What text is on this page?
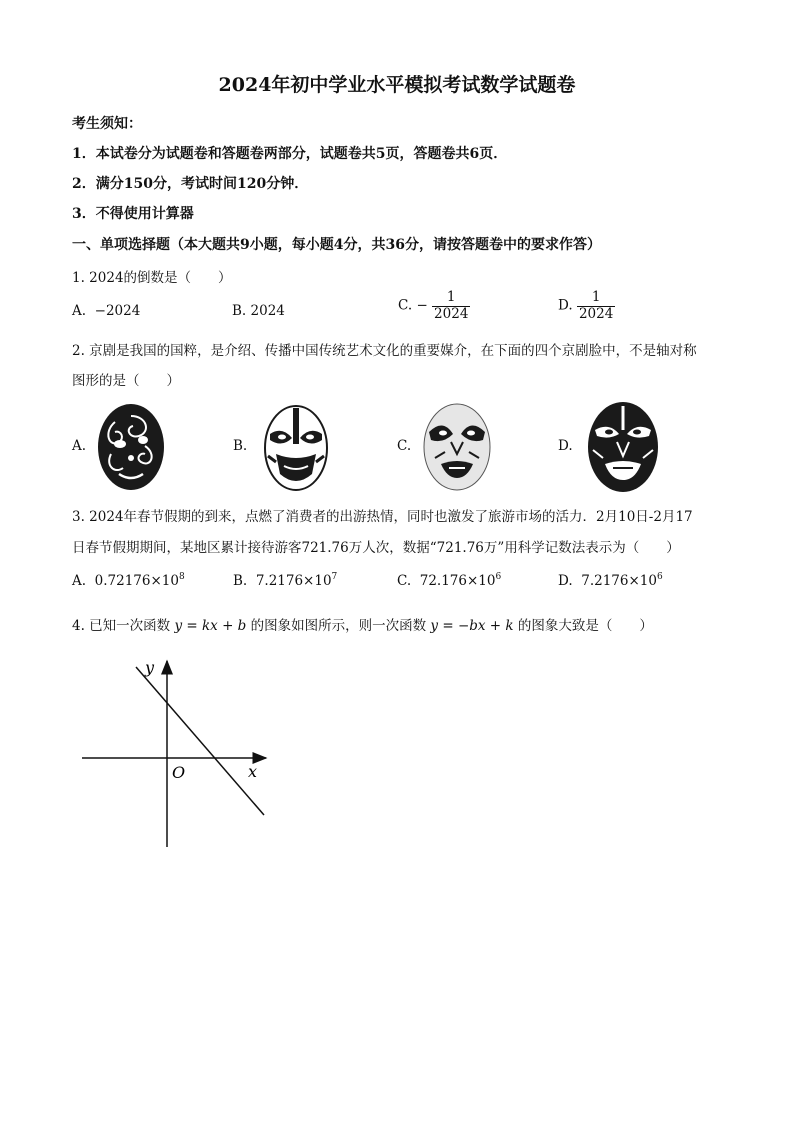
2024年初中学业水平模拟考试数学试题卷
考生须知：
1．本试卷分为试题卷和答题卷两部分，试题卷共5页，答题卷共6页．
2．满分150分，考试时间120分钟．
3．不得使用计算器
一、单项选择题（本大题共9小题，每小题4分，共36分，请按答题卷中的要求作答）
1. 2024的倒数是（　　）
A. −2024	B. 2024	C. − $\frac{1}{2024}$	D. $\frac{1}{2024}$
2. 京剧是我国的国粹，是介绍、传播中国传统艺术文化的重要媒介，在下面的四个京剧脸中，不是轴对称
图形的是（　　）
A.	B.	C.	D.
3. 2024年春节假期的到来，点燃了消费者的出游热情，同时也激发了旅游市场的活力．2月10日-2月17
日春节假期期间，某地区累计接待游客721.76万人次，数据“721.76万”用科学记数法表示为（　　）
A. $0.72176\times 10^8$	B. $7.2176\times 10^7$	C. $72.176\times 10^6$	D. $7.2176\times 10^6$
4. 已知一次函数 y = kx + b 的图象如图所示，则一次函数 y = −bx + k 的图象大致是（　　）
y
x
O
